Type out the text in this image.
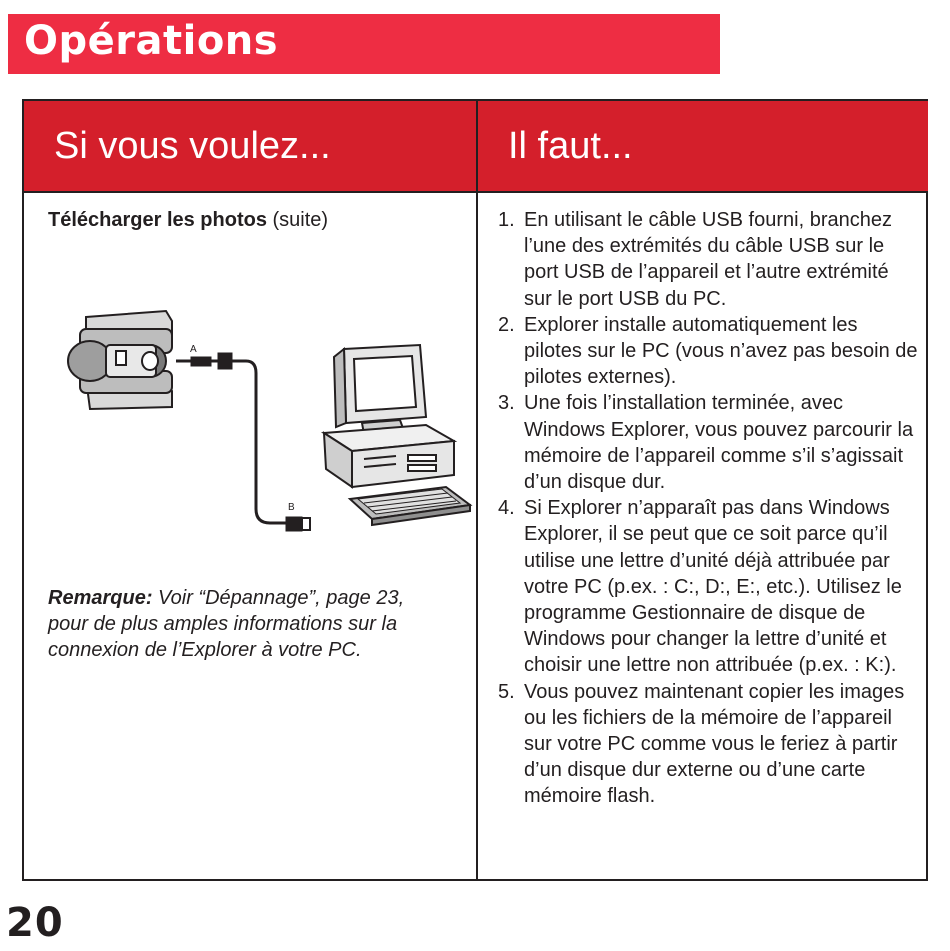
Opérations
Si vous voulez...	Il faut...
Télécharger les photos (suite)
A
B
Remarque: Voir “Dépannage”, page 23, pour de plus amples informations sur la connexion de l’Explorer à votre PC.
1. En utilisant le câble USB fourni, branchez l’une des extrémités du câble USB sur le port USB de l’appareil et l’autre extrémité sur le port USB du PC.
2. Explorer installe automatiquement les pilotes sur le PC (vous n’avez pas besoin de pilotes externes).
3. Une fois l’installation terminée, avec Windows Explorer, vous pouvez parcourir la mémoire de l’appareil comme s’il s’agissait d’un disque dur.
4. Si Explorer n’apparaît pas dans Windows Explorer, il se peut que ce soit parce qu’il utilise une lettre d’unité déjà attribuée par votre PC (p.ex. : C:, D:, E:, etc.). Utilisez le programme Gestionnaire de disque de Windows pour changer la lettre d’unité et choisir une lettre non attribuée (p.ex. : K:).
5. Vous pouvez maintenant copier les images ou les fichiers de la mémoire de l’appareil sur votre PC comme vous le feriez à partir d’un disque dur externe ou d’une carte mémoire flash.
20
